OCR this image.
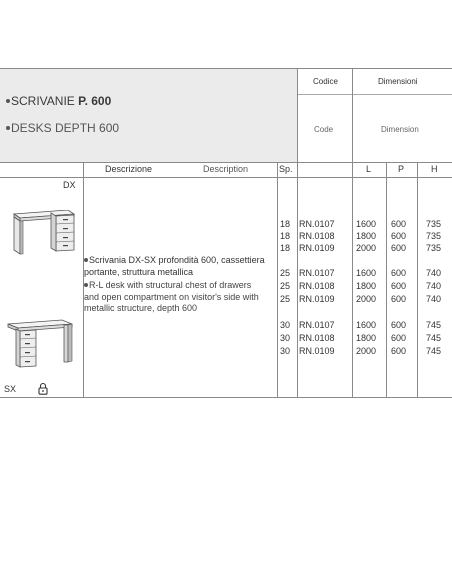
SCRIVANIE P. 600
DESKS DEPTH 600
Codice
Code
Dimensioni
Dimension
Descrizione	Description	Sp.	L	P	H
DX
SX

Scrivania DX-SX profondità 600, cassettiera

portante, struttura metallica

R-L desk with structural chest of drawers

and open compartment on visitor's side with

metallic structure, depth 600

18 RN.0107 1600 600 735
18 RN.0108 1800 600 735
18 RN.0109 2000 600 735
25 RN.0107 1600 600 740
25 RN.0108 1800 600 740
25 RN.0109 2000 600 740
30 RN.0107 1600 600 745
30 RN.0108 1800 600 745
30 RN.0109 2000 600 745
